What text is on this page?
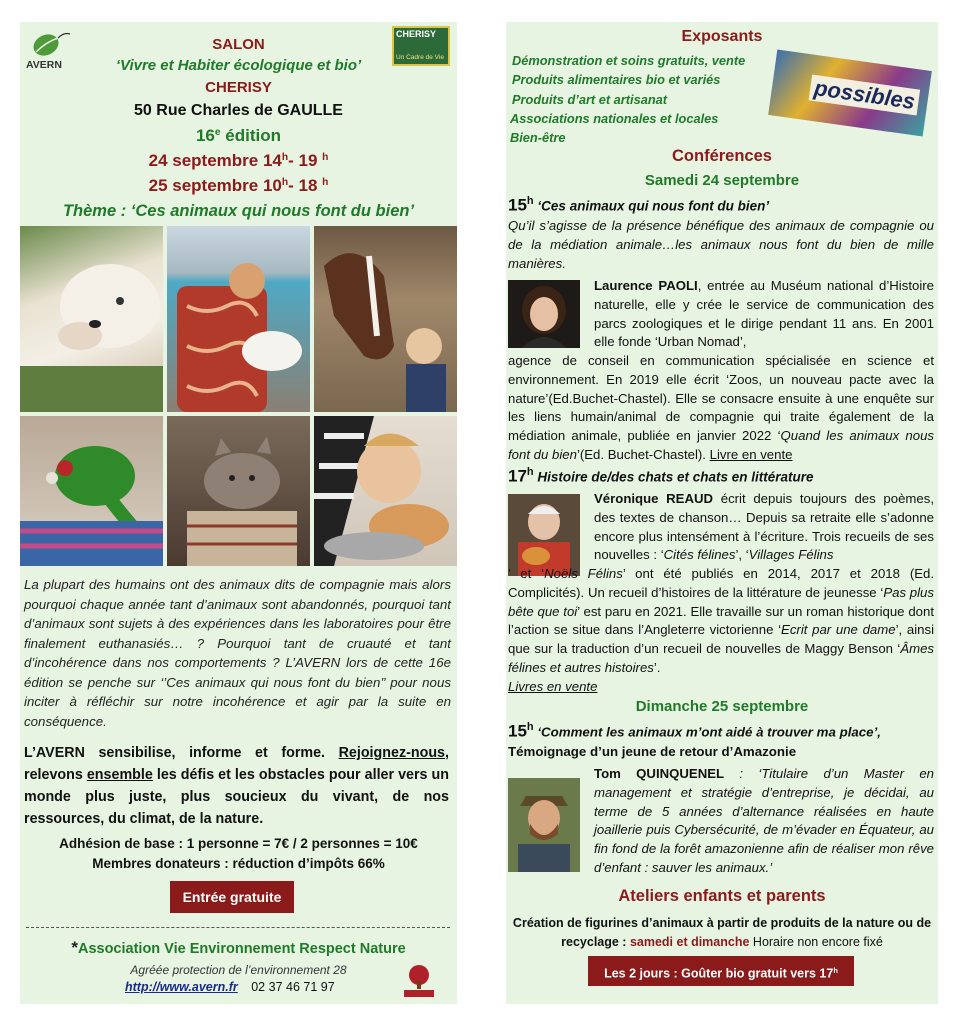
AVERN
CHERISY
Un Cadre de Vie
SALON
‘Vivre et Habiter écologique et bio’
CHERISY
50 Rue Charles de GAULLE
16e édition
24 septembre 14$^h$- 19 $^h$
25 septembre 10$^h$- 18 $^h$
Thème : ‘Ces animaux qui nous font du bien’
La plupart des humains ont des animaux dits de compagnie mais alors pourquoi chaque année tant d’animaux sont abandonnés, pourquoi tant d’animaux sont sujets à des expériences dans les laboratoires pour être finalement euthanasiés… ? Pourquoi tant de cruauté et tant d’incohérence dans nos comportements ? L’AVERN lors de cette 16e édition se penche sur ‘’Ces animaux qui nous font du bien’’ pour nous inciter à réfléchir sur notre incohérence et agir par la suite en conséquence.
L’AVERN sensibilise, informe et forme. Rejoignez-nous, relevons ensemble les défis et les obstacles pour aller vers un monde plus juste, plus soucieux du vivant, de nos ressources, du climat, de la nature.
Adhésion de base : 1 personne = 7€ / 2 personnes = 10€
Membres donateurs : réduction d’impôts 66%
Entrée gratuite
*Association Vie Environnement Respect Nature
Agréée protection de l’environnement 28
http://www.avern.fr 02 37 46 71 97
Exposants
Démonstration et soins gratuits, vente
Produits alimentaires bio et variés
Produits d’art et artisanat
Associations nationales et locales
Bien-être
possibles
Conférences
Samedi 24 septembre
15$^h$ ‘Ces animaux qui nous font du bien’
Qu’il s’agisse de la présence bénéfique des animaux de compagnie ou de la médiation animale…les animaux nous font du bien de mille manières.
Laurence PAOLI, entrée au Muséum national d’Histoire naturelle, elle y crée le service de communication des parcs zoologiques et le dirige pendant 11 ans. En 2001 elle fonde ‘Urban Nomad’,
agence de conseil en communication spécialisée en science et environnement. En 2019 elle écrit ‘Zoos, un nouveau pacte avec la nature’(Ed.Buchet-Chastel). Elle se consacre ensuite à une enquête sur les liens humain/animal de compagnie qui traite également de la médiation animale, publiée en janvier 2022 ‘Quand les animaux nous font du bien’(Ed. Buchet-Chastel). Livre en vente
17$^h$ Histoire de/des chats et chats en littérature
Véronique REAUD écrit depuis toujours des poèmes, des textes de chanson… Depuis sa retraite elle s’adonne encore plus intensément à l’écriture. Trois recueils de ses nouvelles : ‘Cités félines’, ‘Villages Félins
’ et ‘Noëls Félins’ ont été publiés en 2014, 2017 et 2018 (Ed. Complicités). Un recueil d’histoires de la littérature de jeunesse ‘Pas plus bête que toi’ est paru en 2021. Elle travaille sur un roman historique dont l’action se situe dans l’Angleterre victorienne ‘Ecrit par une dame’, ainsi que sur la traduction d’un recueil de nouvelles de Maggy Benson ‘Âmes félines et autres histoires’.
Livres en vente
Dimanche 25 septembre
15$^h$ ‘Comment les animaux m’ont aidé à trouver ma place’,
Témoignage d’un jeune de retour d’Amazonie
Tom QUINQUENEL : ‘Titulaire d’un Master en management et stratégie d’entreprise, je décidai, au terme de 5 années d’alternance réalisées en haute joaillerie puis Cybersécurité, de m’évader en Équateur, au fin fond de la forêt amazonienne afin de réaliser mon rêve d’enfant : sauver les animaux.’
Ateliers enfants et parents
Création de figurines d’animaux à partir de produits de la nature ou de recyclage : samedi et dimanche Horaire non encore fixé
Les 2 jours : Goûter bio gratuit vers 17$^h$
